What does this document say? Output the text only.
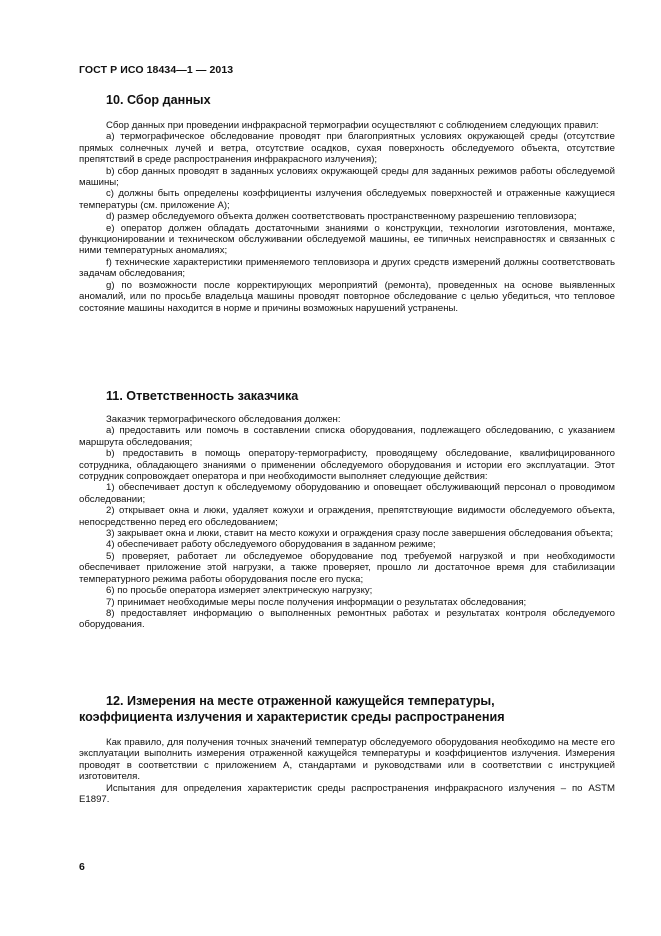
ГОСТ Р ИСО 18434—1 — 2013
10. Сбор данных

Сбор данных при проведении инфракрасной термографии осуществляют с соблюдением следующих правил:

а) термографическое обследование проводят при благоприятных условиях окружающей среды (отсутствие прямых солнечных лучей и ветра, отсутствие осадков, сухая поверхность обследуемого объекта, отсутствие препятствий в среде распространения инфракрасного излучения);

b) сбор данных проводят в заданных условиях окружающей среды для заданных режимов работы обследуемой машины;

c) должны быть определены коэффициенты излучения обследуемых поверхностей и отраженные кажущиеся температуры (см. приложение А);

d) размер обследуемого объекта должен соответствовать пространственному разрешению тепловизора;

e) оператор должен обладать достаточными знаниями о конструкции, технологии изготовления, монтаже, функционировании и техническом обслуживании обследуемой машины, ее типичных неисправностях и связанных с ними температурных аномалиях;

f) технические характеристики применяемого тепловизора и других средств измерений должны соответствовать задачам обследования;

g) по возможности после корректирующих мероприятий (ремонта), проведенных на основе выявленных аномалий, или по просьбе владельца машины проводят повторное обследование с целью убедиться, что тепловое состояние машины находится в норме и причины возможных нарушений устранены.

11. Ответственность заказчика

Заказчик термографического обследования должен:

а) предоставить или помочь в составлении списка оборудования, подлежащего обследованию, с указанием маршрута обследования;

b) предоставить в помощь оператору-термографисту, проводящему обследование, квалифицированного сотрудника, обладающего знаниями о применении обследуемого оборудования и истории его эксплуатации. Этот сотрудник сопровождает оператора и при необходимости выполняет следующие действия:

1) обеспечивает доступ к обследуемому оборудованию и оповещает обслуживающий персонал о проводимом обследовании;

2) открывает окна и люки, удаляет кожухи и ограждения, препятствующие видимости обследуемого объекта, непосредственно перед его обследованием;

3) закрывает окна и люки, ставит на место кожухи и ограждения сразу после завершения обследования объекта;

4) обеспечивает работу обследуемого оборудования в заданном режиме;

5) проверяет, работает ли обследуемое оборудование под требуемой нагрузкой и при необходимости обеспечивает приложение этой нагрузки, а также проверяет, прошло ли достаточное время для стабилизации температурного режима работы оборудования после его пуска;

6) по просьбе оператора измеряет электрическую нагрузку;

7) принимает необходимые меры после получения информации о результатах обследования;

8) предоставляет информацию о выполненных ремонтных работах и результатах контроля обследуемого оборудования.

12. Измерения на месте отраженной кажущейся температуры,
коэффициента излучения и характеристик среды распространения

Как правило, для получения точных значений температур обследуемого оборудования необходимо на месте его эксплуатации выполнить измерения отраженной кажущейся температуры и коэффициентов излучения. Измерения проводят в соответствии с приложением А, стандартами и руководствами или в соответствии с инструкцией изготовителя.

Испытания для определения характеристик среды распространения инфракрасного излучения – по ASTM E1897.

6
